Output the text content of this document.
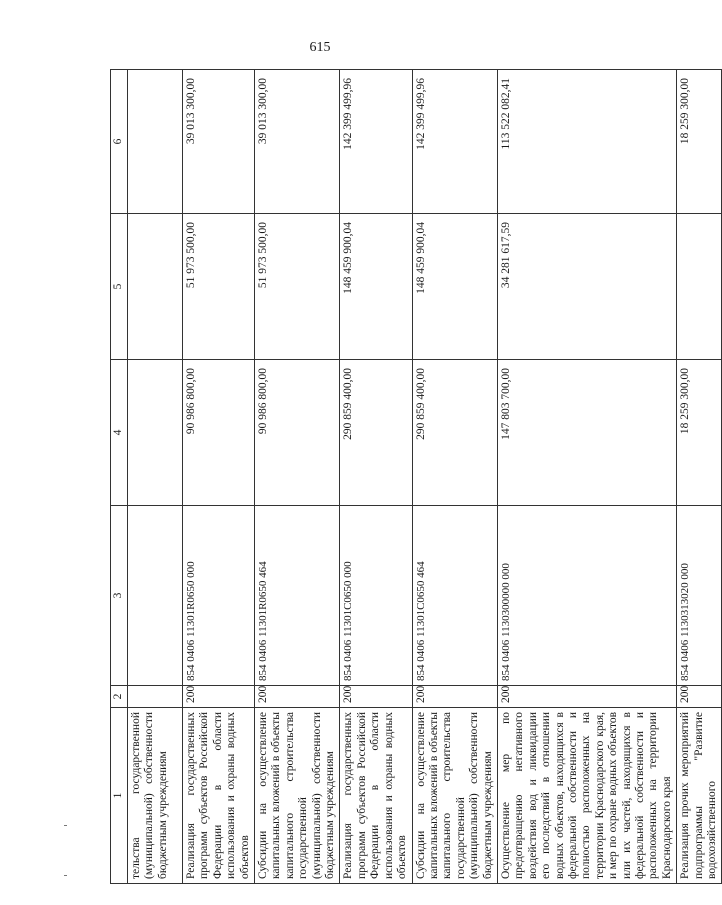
615
1	2	3	4	5	6
тельства государственной (муниципальной) собственности бюджетным учреждениям					
Реализация государственных программ субъектов Российской Федерации в области использования и охраны водных объектов	200	854 0406 11301R0650 000	90 986 800,00	51 973 500,00	39 013 300,00
Субсидии на осуществление капитальных вложений в объекты капитального строительства государственной (муниципальной) собственности бюджетным учреждениям	200	854 0406 11301R0650 464	90 986 800,00	51 973 500,00	39 013 300,00
Реализация государственных программ субъектов Российской Федерации в области использования и охраны водных объектов	200	854 0406 11301C0650 000	290 859 400,00	148 459 900,04	142 399 499,96
Субсидии на осуществление капитальных вложений в объекты капитального строительства государственной (муниципальной) собственности бюджетным учреждениям	200	854 0406 11301C0650 464	290 859 400,00	148 459 900,04	142 399 499,96
Осуществление мер по предотвращению негативного воздействия вод и ликвидации его последствий в отношении водных объектов, находящихся в федеральной собственности и полностью расположенных на территории Краснодарского края, и мер по охране водных объектов или их частей, находящихся в федеральной собственности и расположенных на территории Краснодарского края	200	854 0406 1130300000 000	147 803 700,00	34 281 617,59	113 522 082,41
Реализация прочих мероприятий подпрограммы "Развитие водохозяйственного	200	854 0406 1130313020 000	18 259 300,00		18 259 300,00
